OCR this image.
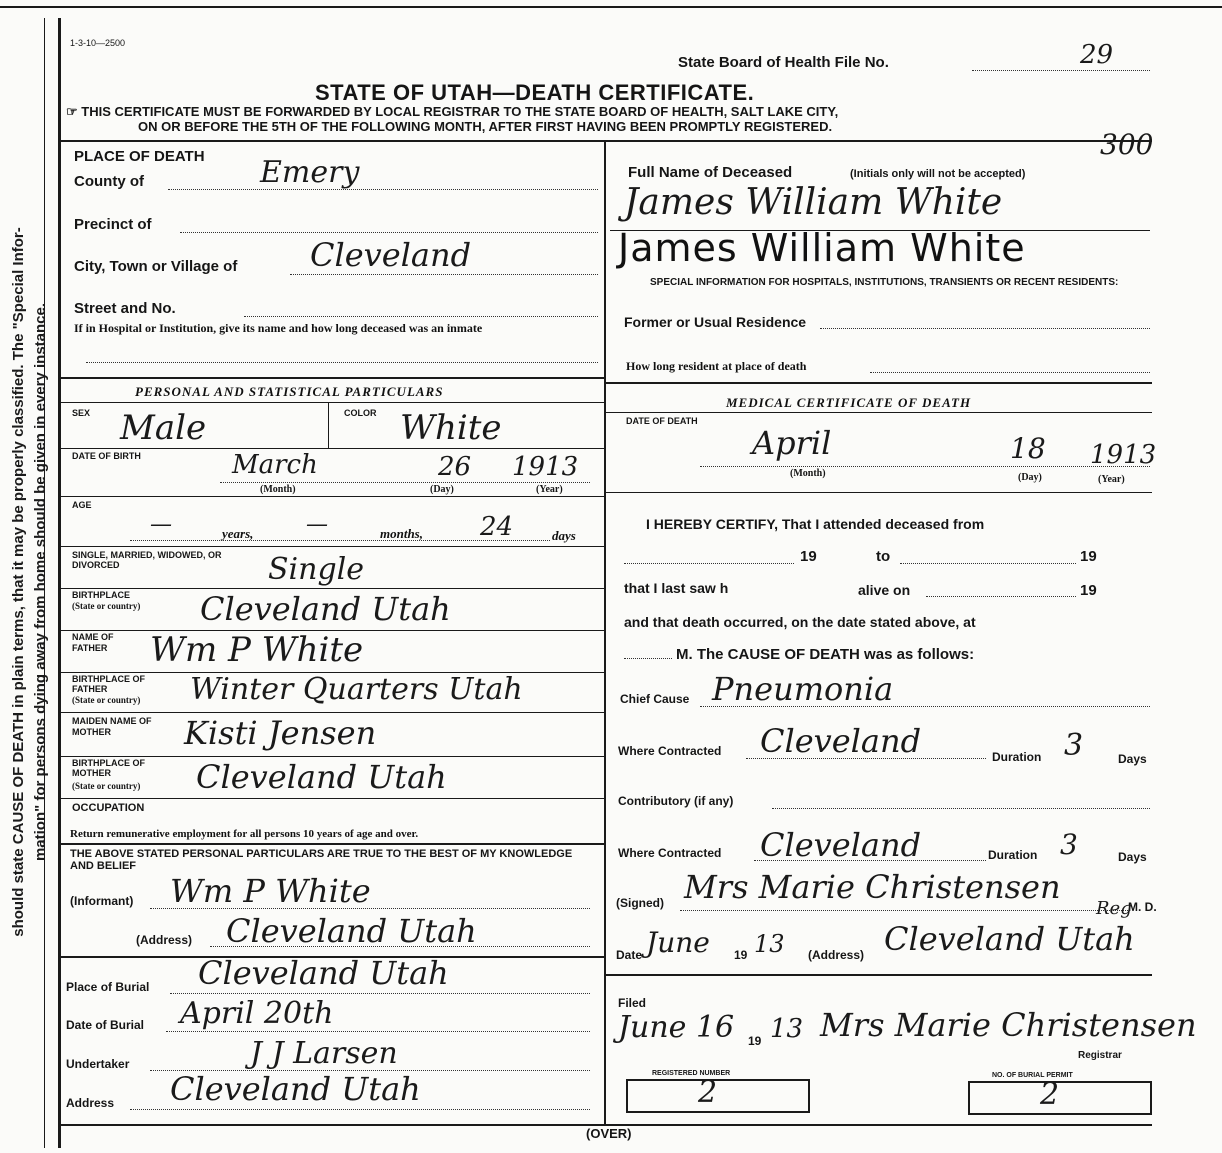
should state CAUSE OF DEATH in plain terms, that it may be properly classified. The "Special Infor- mation" for persons dying away from home should be given in every instance.
1-3-10—2500
State Board of Health File No.	29
300
STATE OF UTAH—DEATH CERTIFICATE.
☞ THIS CERTIFICATE MUST BE FORWARDED BY LOCAL REGISTRAR TO THE STATE BOARD OF HEALTH, SALT LAKE CITY,
ON OR BEFORE THE 5TH OF THE FOLLOWING MONTH, AFTER FIRST HAVING BEEN PROMPTLY REGISTERED.
PLACE OF DEATH
County of	Emery
Precinct of
City, Town or Village of Cleveland
Street and No.
If in Hospital or Institution, give its name and how long deceased was an inmate
Full Name of Deceased	(Initials only will not be accepted)
James William White
James William White
SPECIAL INFORMATION FOR HOSPITALS, INSTITUTIONS, TRANSIENTS OR RECENT RESIDENTS:
Former or Usual Residence
How long resident at place of death
PERSONAL AND STATISTICAL PARTICULARS
SEX Male	COLOR White
DATE OF BIRTH	March	26 1913
(Month)	(Day)	(Year)
AGE
—	years, —	months, 24	days
SINGLE, MARRIED, WIDOWED, OR DIVORCED	Single
BIRTHPLACE
(State or country) Cleveland Utah
NAME OF FATHER	Wm P White
BIRTHPLACE OF FATHER
(State or country) Winter Quarters Utah
MAIDEN NAME OF MOTHER	Kisti Jensen
BIRTHPLACE OF MOTHER
(State or country) Cleveland Utah
OCCUPATION
Return remunerative employment for all persons 10 years of age and over.
THE ABOVE STATED PERSONAL PARTICULARS ARE TRUE TO THE BEST OF MY KNOWLEDGE AND BELIEF
(Informant) Wm P White
(Address) Cleveland Utah
Place of Burial Cleveland Utah
Date of Burial April 20th
Undertaker	J J Larsen
Address Cleveland Utah
MEDICAL CERTIFICATE OF DEATH
DATE OF DEATH
April	18 1913
(Month)	(Day)	(Year)
I HEREBY CERTIFY, That I attended deceased from
19	to	19
that I last saw h	alive on	19
and that death occurred, on the date stated above, at
M. The CAUSE OF DEATH was as follows:
Chief Cause Pneumonia
Where Contracted Cleveland	Duration 3	Days
Contributory (if any)
Where Contracted Cleveland	Duration 3	Days
(Signed) Mrs Marie Christensen
M. D.
Reg
Date June 19 13 (Address) Cleveland Utah
Filed
June 16 19 13 Mrs Marie Christensen
Registrar
REGISTERED NUMBER
2	NO. OF BURIAL PERMIT
2
(OVER)
